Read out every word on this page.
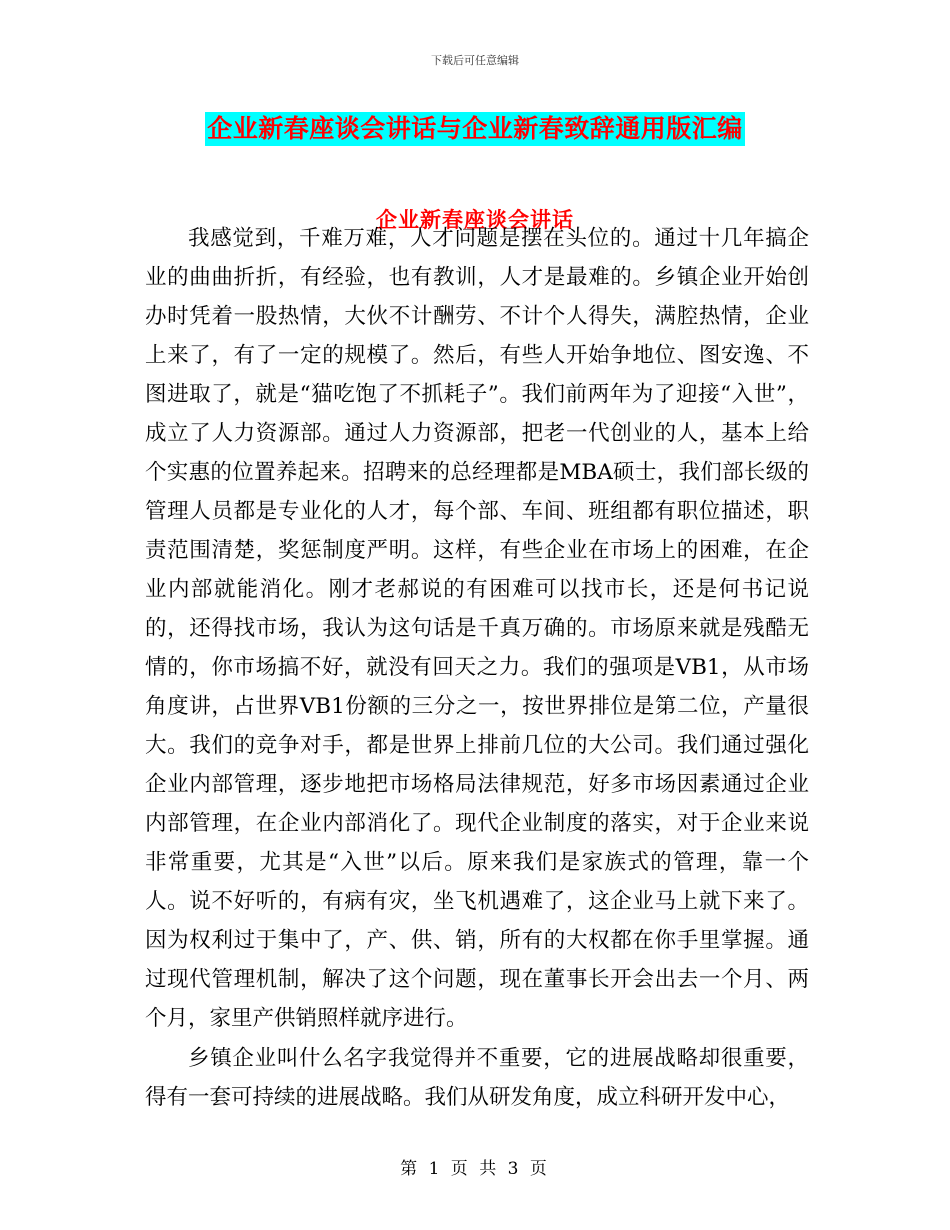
下载后可任意编辑
企业新春座谈会讲话与企业新春致辞通用版汇编
企业新春座谈会讲话

我感觉到，千难万难，人才问题是摆在头位的。通过十几年搞企业的曲曲折折，有经验，也有教训，人才是最难的。乡镇企业开始创办时凭着一股热情，大伙不计酬劳、不计个人得失，满腔热情，企业上来了，有了一定的规模了。然后，有些人开始争地位、图安逸、不图进取了，就是“猫吃饱了不抓耗子”。我们前两年为了迎接“入世”，成立了人力资源部。通过人力资源部，把老一代创业的人，基本上给个实惠的位置养起来。招聘来的总经理都是MBA硕士，我们部长级的管理人员都是专业化的人才，每个部、车间、班组都有职位描述，职责范围清楚，奖惩制度严明。这样，有些企业在市场上的困难，在企业内部就能消化。刚才老郝说的有困难可以找市长，还是何书记说的，还得找市场，我认为这句话是千真万确的。市场原来就是残酷无情的，你市场搞不好，就没有回天之力。我们的强项是VB1，从市场角度讲，占世界VB1份额的三分之一，按世界排位是第二位，产量很大。我们的竞争对手，都是世界上排前几位的大公司。我们通过强化企业内部管理，逐步地把市场格局法律规范，好多市场因素通过企业内部管理，在企业内部消化了。现代企业制度的落实，对于企业来说非常重要，尤其是“入世”以后。原来我们是家族式的管理，靠一个人。说不好听的，有病有灾，坐飞机遇难了，这企业马上就下来了。因为权利过于集中了，产、供、销，所有的大权都在你手里掌握。通过现代管理机制，解决了这个问题，现在董事长开会出去一个月、两个月，家里产供销照样就序进行。

乡镇企业叫什么名字我觉得并不重要，它的进展战略却很重要，得有一套可持续的进展战略。我们从研发角度，成立科研开发中心，

第 1 页 共 3 页
